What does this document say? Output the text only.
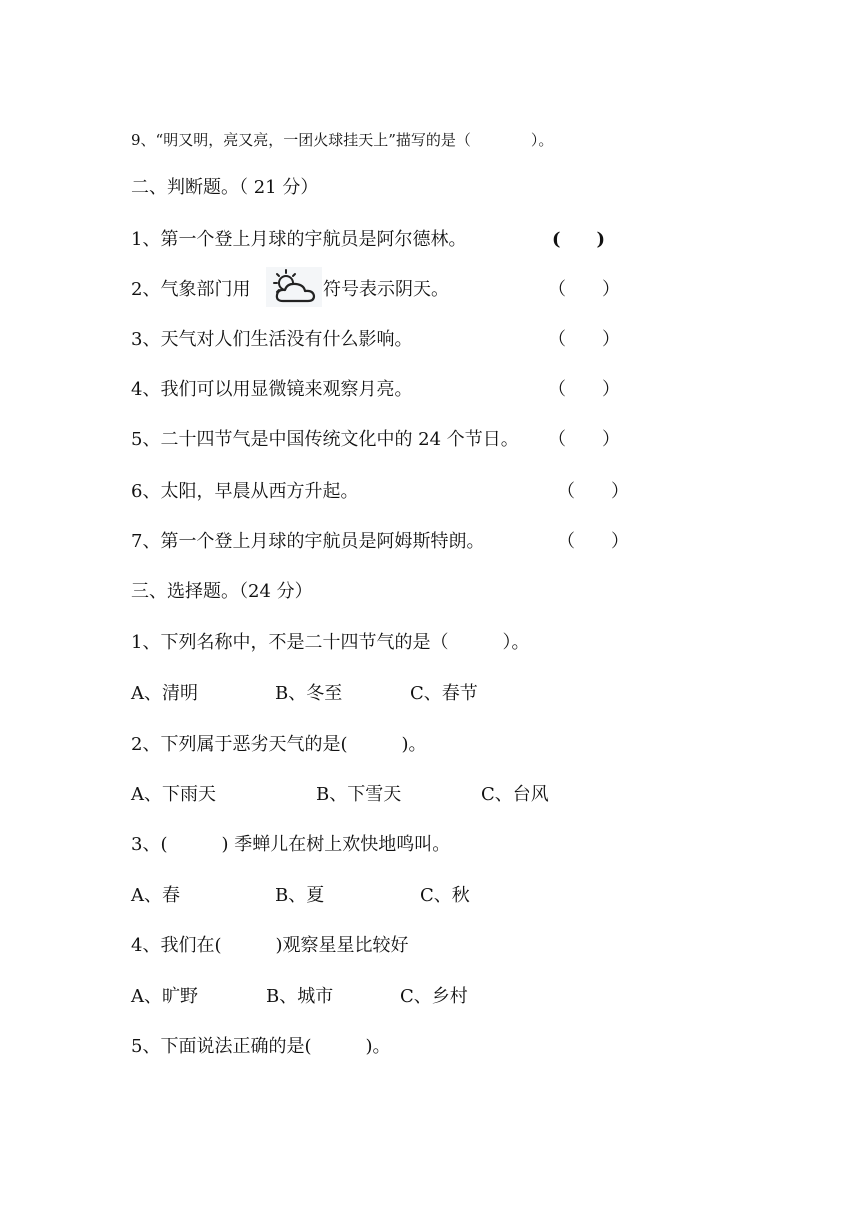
9、“明又明，亮又亮，一团火球挂天上”描写的是（　　　　）。
二、判断题。（ 21 分）
1、第一个登上月球的宇航员是阿尔德林。	(　　)
2、气象部门用	符号表示阴天。	（　　）
3、天气对人们生活没有什么影响。	（　　）
4、我们可以用显微镜来观察月亮。	（　　）
5、二十四节气是中国传统文化中的 24 个节日。 （　　）
6、太阳，早晨从西方升起。	（　　）
7、第一个登上月球的宇航员是阿姆斯特朗。	（　　）
三、选择题。（24 分）
1、下列名称中，不是二十四节气的是（　　　）。
A、清明	B、冬至	C、春节
2、下列属于恶劣天气的是(　　　)。
A、下雨天	B、下雪天	C、台风
3、(　　　) 季蝉儿在树上欢快地鸣叫。
A、春	B、夏	C、秋
4、我们在(　　　)观察星星比较好
A、旷野	B、城市	C、乡村
5、下面说法正确的是(　　　)。
